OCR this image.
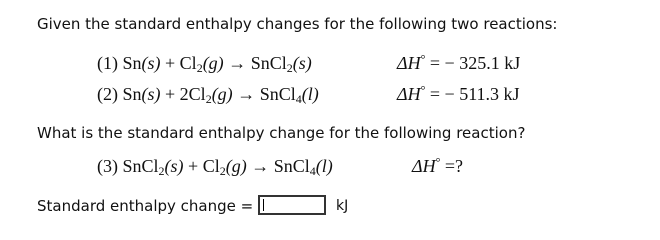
Given the standard enthalpy changes for the following two reactions:
(1) $Sn(s) + Cl_2(g)$ → SnCl$_2$(s)	ΔH° = − 325.1 kJ
(2) $Sn(s) + 2Cl_2(g)$ → SnCl$_4$(l)	ΔH° = − 511.3 kJ
What is the standard enthalpy change for the following reaction?
(3) SnCl$_2$(s) + $Cl_2(g)$ → SnCl$_4$(l)	ΔH° =?
Standard enthalpy change =	kJ
